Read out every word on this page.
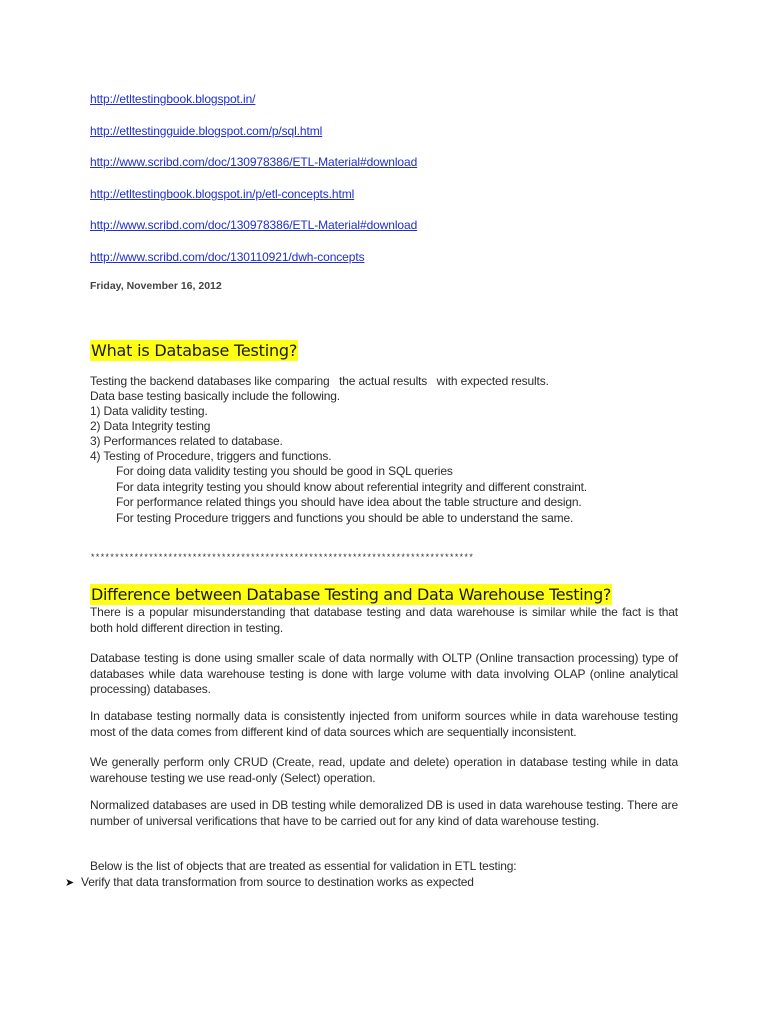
http://etltestingbook.blogspot.in/
http://etltestingguide.blogspot.com/p/sql.html
http://www.scribd.com/doc/130978386/ETL-Material#download
http://etltestingbook.blogspot.in/p/etl-concepts.html
http://www.scribd.com/doc/130978386/ETL-Material#download
http://www.scribd.com/doc/130110921/dwh-concepts
Friday, November 16, 2012
What is Database Testing?
Testing the backend databases like comparing   the actual results   with expected results.
Data base testing basically include the following.
1) Data validity testing.
2) Data Integrity testing
3) Performances related to database.
4) Testing of Procedure, triggers and functions.
For doing data validity testing you should be good in SQL queries
For data integrity testing you should know about referential integrity and different constraint.
For performance related things you should have idea about the table structure and design.
For testing Procedure triggers and functions you should be able to understand the same.
*******************************************************************************
Difference between Database Testing and Data Warehouse Testing?
There is a popular misunderstanding that database testing and data warehouse is similar while the fact is that both hold different direction in testing.
Database testing is done using smaller scale of data normally with OLTP (Online transaction processing) type of databases while data warehouse testing is done with large volume with data involving OLAP (online analytical processing) databases.
In database testing normally data is consistently injected from uniform sources while in data warehouse testing most of the data comes from different kind of data sources which are sequentially inconsistent.
We generally perform only CRUD (Create, read, update and delete) operation in database testing while in data warehouse testing we use read-only (Select) operation.
Normalized databases are used in DB testing while demoralized DB is used in data warehouse testing. There are number of universal verifications that have to be carried out for any kind of data warehouse testing.
Below is the list of objects that are treated as essential for validation in ETL testing:
➤ Verify that data transformation from source to destination works as expected
